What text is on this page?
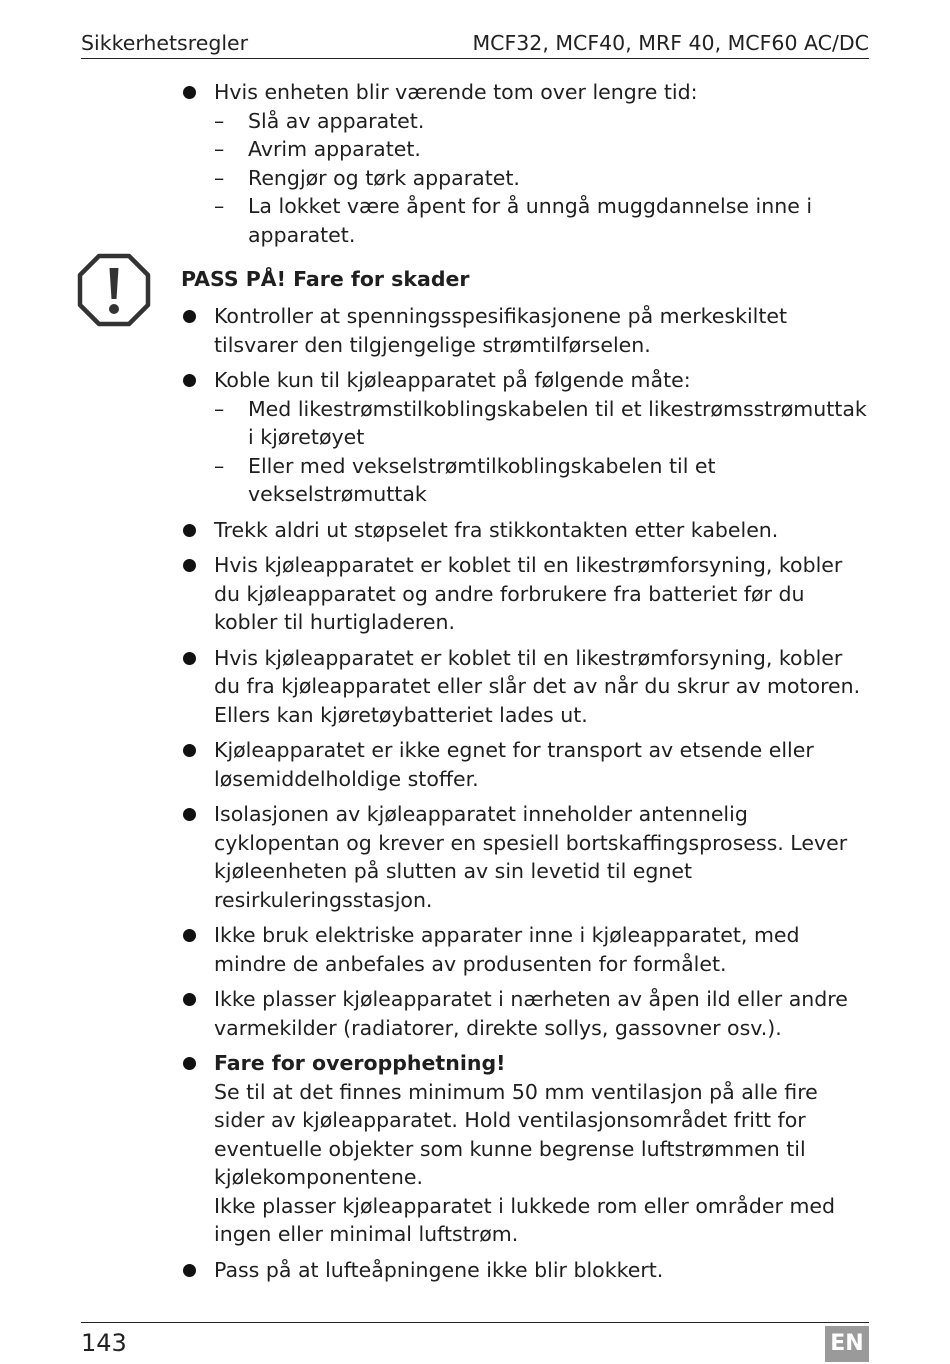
Sikkerhetsregler	MCF32, MCF40, MRF 40, MCF60 AC/DC
Hvis enheten blir værende tom over lengre tid:
– Slå av apparatet.
– Avrim apparatet.
– Rengjør og tørk apparatet.
– La lokket være åpent for å unngå muggdannelse inne i apparatet.
PASS PÅ! Fare for skader
Kontroller at spenningsspesifikasjonene på merkeskiltet tilsvarer den tilgjengelige strømtilførselen.
Koble kun til kjøleapparatet på følgende måte:
– Med likestrømstilkoblingskabelen til et likestrømsstrømuttak i kjøretøyet
– Eller med vekselstrømtilkoblingskabelen til et vekselstrømuttak
Trekk aldri ut støpselet fra stikkontakten etter kabelen.
Hvis kjøleapparatet er koblet til en likestrømforsyning, kobler du kjøleapparatet og andre forbrukere fra batteriet før du kobler til hurtigladeren.
Hvis kjøleapparatet er koblet til en likestrømforsyning, kobler du fra kjøleapparatet eller slår det av når du skrur av motoren. Ellers kan kjøretøybatteriet lades ut.
Kjøleapparatet er ikke egnet for transport av etsende eller løsemiddelholdige stoffer.
Isolasjonen av kjøleapparatet inneholder antennelig cyklopentan og krever en spesiell bortskaffingsprosess. Lever kjøleenheten på slutten av sin levetid til egnet resirkuleringsstasjon.
Ikke bruk elektriske apparater inne i kjøleapparatet, med mindre de anbefales av produsenten for formålet.
Ikke plasser kjøleapparatet i nærheten av åpen ild eller andre varmekilder (radiatorer, direkte sollys, gassovner osv.).
Fare for overopphetning!
Se til at det finnes minimum 50 mm ventilasjon på alle fire sider av kjøleapparatet. Hold ventilasjonsområdet fritt for eventuelle objekter som kunne begrense luftstrømmen til kjølekomponentene.
Ikke plasser kjøleapparatet i lukkede rom eller områder med ingen eller minimal luftstrøm.
Pass på at lufteåpningene ikke blir blokkert.
143	EN
